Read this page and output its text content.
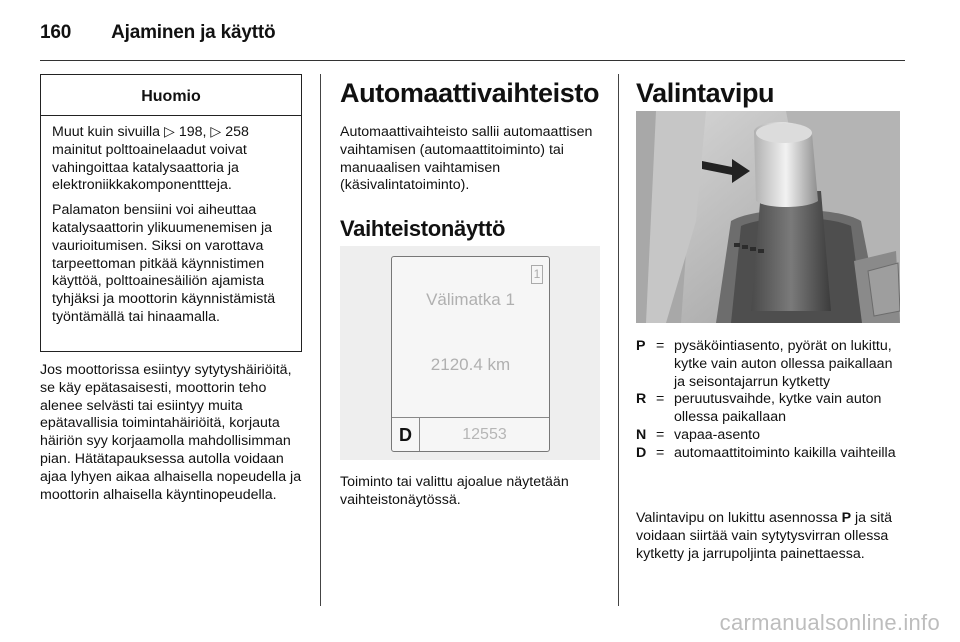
160 Ajaminen ja käyttö
Huomio

Muut kuin sivuilla ▷ 198, ▷ 258 mainitut polttoainelaadut voivat vahingoittaa katalysaattoria ja elektroniikkakomponenttteja.

Palamaton bensiini voi aiheuttaa katalysaattorin ylikuumenemisen ja vaurioitumisen. Siksi on varottava tarpeettoman pitkää käynnistimen käyttöä, polttoainesäiliön ajamista tyhjäksi ja moottorin käynnistämistä työntämällä tai hinaamalla.

Jos moottorissa esiintyy sytytyshäiriöitä, se käy epätasaisesti, moottorin teho alenee selvästi tai esiintyy muita epätavallisia toimintahäiriöitä, korjauta häiriön syy korjaamolla mahdollisimman pian. Hätätapauksessa autolla voidaan ajaa lyhyen aikaa alhaisella nopeudella ja moottorin alhaisella käyntinopeudella.

Automaattivaihteisto
Automaattivaihteisto sallii automaattisen vaihtamisen (automaattitoiminto) tai manuaalisen vaihtamisen (käsivalintatoiminto).
Vaihteistonäyttö
1
Välimatka 1
2120.4 km
D	12553
Toiminto tai valittu ajoalue näytetään vaihteistonäytössä.
Valintavipu
P = pysäköintiasento, pyörät on lukittu, kytke vain auton ollessa paikallaan ja seisontajarrun kytketty
R = peruutusvaihde, kytke vain auton ollessa paikallaan
N = vapaa-asento
D = automaattitoiminto kaikilla vaihteilla
Valintavipu on lukittu asennossa P ja sitä voidaan siirtää vain sytytysvirran ollessa kytketty ja jarrupoljinta painettaessa.
carmanualsonline.info
